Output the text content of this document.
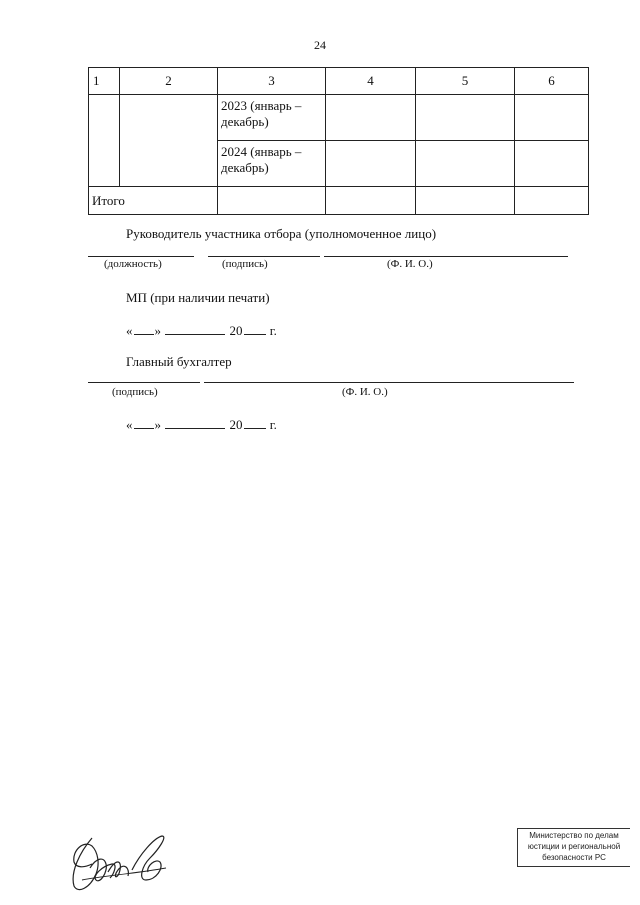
24
1	2	3	4	5	6
		2023 (январь – декабрь)			
		2024 (январь – декабрь)			
Итого					
Руководитель участника отбора (уполномоченное лицо)
(должность)	(подпись)	(Ф. И. О.)
МП (при наличии печати)
« »	20 г.
Главный бухгалтер
(подпись)	(Ф. И. О.)
« »	20 г.
Министерство по делам
юстиции и региональной
безопасности РС
